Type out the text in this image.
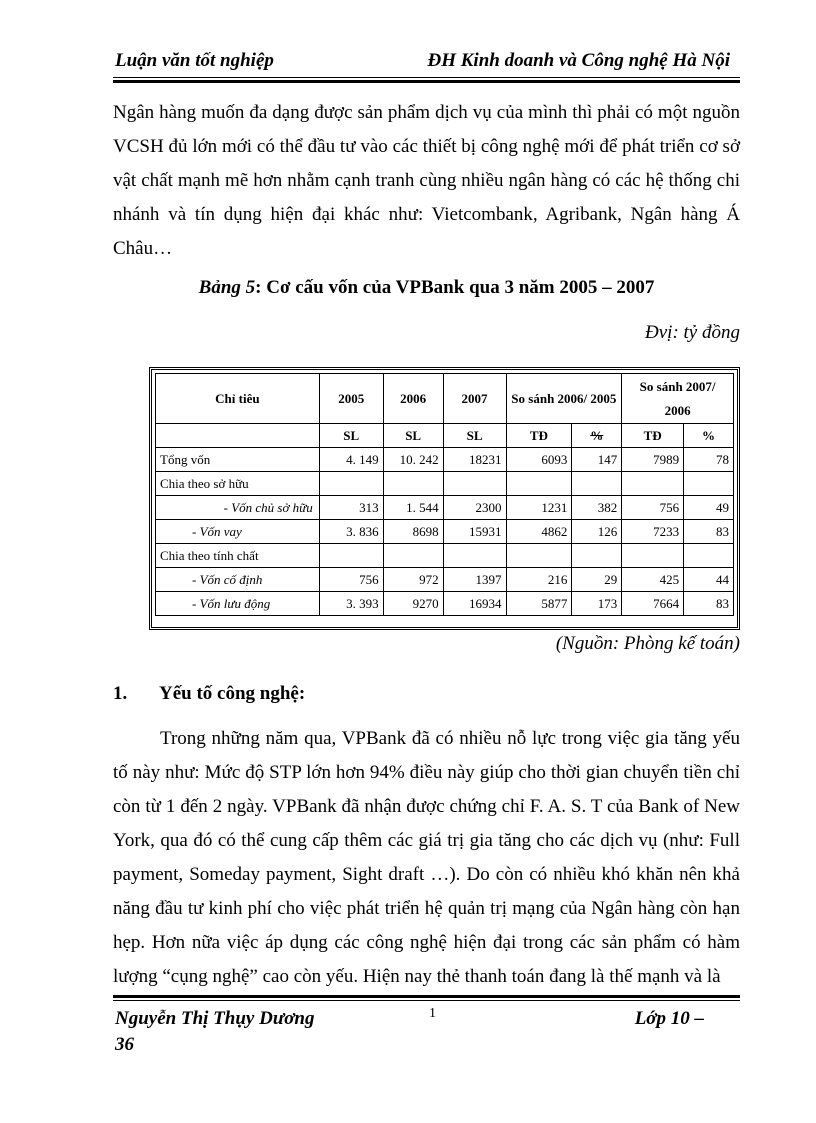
Luận văn tốt nghiệp	ĐH Kinh doanh và Công nghệ Hà Nội

Ngân hàng muốn đa dạng được sản phẩm dịch vụ của mình thì phải có một nguồn VCSH đủ lớn mới có thể đầu tư vào các thiết bị công nghệ mới để phát triển cơ sở vật chất mạnh mẽ hơn nhằm cạnh tranh cùng nhiều ngân hàng có các hệ thống chi nhánh và tín dụng hiện đại khác như: Vietcombank, Agribank, Ngân hàng Á Châu…

Bảng 5: Cơ cấu vốn của VPBank qua 3 năm 2005 – 2007
Đvị: tỷ đồng
Chỉ tiêu	2005	2006	2007	So sánh 2006/ 2005		So sánh 2007/ 2006	
	SL	SL	SL	TĐ	%	TĐ	%
Tổng vốn	4. 149	10. 242	18231	6093	147	7989	78
Chia theo sở hữu							
- Vốn chủ sở hữu	313	1. 544	2300	1231	382	756	49
- Vốn vay	3. 836	8698	15931	4862	126	7233	83
Chia theo tính chất							
- Vốn cố định	756	972	1397	216	29	425	44
- Vốn lưu động	3. 393	9270	16934	5877	173	7664	83
(Nguồn: Phòng kế toán)
1. Yếu tố công nghệ:

Trong những năm qua, VPBank đã có nhiều nỗ lực trong việc gia tăng yếu tố này như: Mức độ STP lớn hơn 94% điều này giúp cho thời gian chuyển tiền chỉ còn từ 1 đến 2 ngày. VPBank đã nhận được chứng chỉ F. A. S. T của Bank of New York, qua đó có thể cung cấp thêm các giá trị gia tăng cho các dịch vụ (như: Full payment, Someday payment, Sight draft …). Do còn có nhiều khó khăn nên khả năng đầu tư kinh phí cho việc phát triển hệ quản trị mạng của Ngân hàng còn hạn hẹp. Hơn nữa việc áp dụng các công nghệ hiện đại trong các sản phẩm có hàm lượng “cụng nghệ” cao còn yếu. Hiện nay thẻ thanh toán đang là thế mạnh và là

Nguyễn Thị Thụy Dương	1	Lớp 10 –
36
